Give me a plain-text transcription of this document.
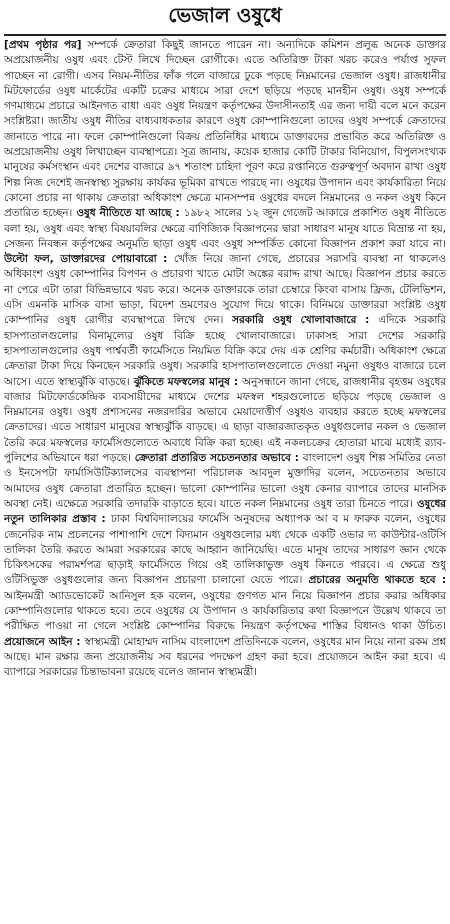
ভেজাল ওষুধে

[প্রথম পৃষ্ঠার পর] সম্পর্কে ক্রেতারা কিছুই জানতে পারেন না। অন্যদিকে কমিশন প্রলুব্ধ অনেক ডাক্তার অপ্রয়োজনীয় ওষুধ এবং টেস্ট লিখে দিচ্ছেন রোগীকে। এতে অতিরিক্ত টাকা খরচ করেও পর্যাপ্ত সুফল পাচ্ছেন না রোগী। এসব নিয়ম-নীতির ফাঁক গলে বাজারে ঢুকে পড়ছে নিম্নমানের ভেজাল ওষুধ। রাজধানীর মিটফোর্ডের ওষুধ মার্কেটের একটি চক্রের মাধ্যমে সারা দেশে ছড়িয়ে পড়ছে মানহীন ওষুধ। ওষুধ সম্পর্কে গণমাধ্যমে প্রচারে আইনগত বাধা এবং ওষুধ নিয়ন্ত্রণ কর্তৃপক্ষের উদাসীনতাই এর জন্য দায়ী বলে মনে করেন সংশ্লিষ্টরা। জাতীয় ওষুধ নীতির বাধ্যবাধকতার কারণে ওষুধ কোম্পানিগুলো তাদের ওষুধ সম্পর্কে ক্রেতাদের জানাতে পারে না। ফলে কোম্পানিগুলো বিক্রয় প্রতিনিধির মাধ্যমে ডাক্তারদের প্রভাবিত করে অতিরিক্ত ও অপ্রয়োজনীয় ওষুধ লিখাচ্ছেন ব্যবস্থাপত্রে। সূত্র জানায়, কয়েক হাজার কোটি টাকার বিনিয়োগ, বিপুলসংখ্যক মানুষের কর্মসংস্থান এবং দেশের বাজারে ৯৭ শতাংশ চাহিদা পূরণ করে রপ্তানিতে গুরুত্বপূর্ণ অবদান রাখা ওষুধ শিল্প নিজ দেশেই জনস্বাস্থ্য সুরক্ষায় কার্যকর ভূমিকা রাখতে পারছে না। ওষুধের উপাদান এবং কার্যকারিতা নিয়ে কোনো প্রচার না থাকায় ক্রেতারা অধিকাংশ ক্ষেত্রে মানসম্পন্ন ওষুধের বদলে নিম্নমানের ও নকল ওষুধ কিনে প্রতারিত হচ্ছেন। ওষুধ নীতিতে যা আছে : ১৯৮২ সালের ১২ জুন গেজেট আকারে প্রকাশিত ওষুধ নীতিতে বলা হয়, ওষুধ এবং স্বাস্থ্য বিষয়াবলির ক্ষেত্রে বাণিজ্যিক বিজ্ঞাপনের দ্বারা সাধারণ মানুষ যাতে বিভ্রান্ত না হয়, সেজন্য নিবন্ধন কর্তৃপক্ষের অনুমতি ছাড়া ওষুধ এবং ওষুধ সম্পর্কিত কোনো বিজ্ঞাপন প্রকাশ করা যাবে না। উল্টো ফল, ডাক্তারদের পোয়াবারো : খোঁজ নিয়ে জানা গেছে, প্রচারের সরাসরি ব্যবস্থা না থাকলেও অধিকাংশ ওষুধ কোম্পানির বিপণন ও প্রচারণা খাতে মোটা অঙ্কের বরাদ্দ রাখা আছে। বিজ্ঞাপন প্রচার করতে না পেরে এটা তারা বিভিন্নভাবে খরচ করে। অনেক ডাক্তারকে তারা চেম্বারে কিংবা বাসায় ফ্রিজ, টেলিভিশন, এসি এমনকি মাসিক বাসা ভাড়া, বিদেশ ভ্রমণেরও সুযোগ দিয়ে থাকে। বিনিময়ে ডাক্তাররা সংশ্লিষ্ট ওষুধ কোম্পানির ওষুধ রোগীর ব্যবস্থাপত্রে লিখে দেন। সরকারি ওষুধ খোলাবাজারে : এদিকে সরকারি হাসপাতালগুলোর বিনামূল্যের ওষুধ বিক্রি হচ্ছে খোলাবাজারে। ঢাকাসহ সারা দেশের সরকারি হাসপাতালগুলোর ওষুধ পার্শ্ববর্তী ফার্মেসিতে নিয়মিত বিক্রি করে দেয় এক শ্রেণির কর্মচারী। অধিকাংশ ক্ষেত্রে ক্রেতারা টাকা দিয়ে কিনছেন সরকারি ওষুধ। সরকারি হাসপাতালগুলোতে দেওয়া নমুনা ওষুধও বাজারে চলে আসে। এতে স্বাস্থ্যঝুঁকি বাড়ছে। ঝুঁকিতে মফস্বলের মানুষ : অনুসন্ধানে জানা গেছে, রাজধানীর বৃহত্তম ওষুধের বাজার মিটফোর্ডকেন্দ্রিক ব্যবসায়ীদের মাধ্যমে দেশের মফস্বল শহরগুলোতে ছড়িয়ে পড়ছে ভেজাল ও নিম্নমানের ওষুধ। ওষুধ প্রশাসনের নজরদারির অভাবে মেয়াদোত্তীর্ণ ওষুধও ব্যবহার করতে হচ্ছে মফস্বলের ক্রেতাদের। এতে সাধারণ মানুষের স্বাস্থ্যঝুঁকি বাড়ছে। এ ছাড়া বাজারজাতকৃত ওষুধগুলোর নকল ও ভেজাল তৈরি করে মফস্বলের ফার্মেসিগুলোতে অবাধে বিক্রি করা হচ্ছে। এই নকলচক্রের হোতারা মাঝে মধ্যেই র‌্যাব-পুলিশের অভিযানে ধরা পড়ছে। ক্রেতারা প্রতারিত সচেতনতার অভাবে : বাংলাদেশ ওষুধ শিল্প সমিতির নেতা ও ইনসেপটা ফার্মাসিউটিক্যালসের ব্যবস্থাপনা পরিচালক আবদুল মুক্তাদির বলেন, সচেতনতার অভাবে আমাদের ওষুধ ক্রেতারা প্রতারিত হচ্ছেন। ভালো কোম্পানির ভালো ওষুধ কেনার ব্যাপারে তাদের মানসিক অবস্থা নেই। এক্ষেত্রে সরকারি তদারকি বাড়াতে হবে। যাতে নকল নিম্নমানের ওষুধ তারা চিনতে পারে। ওষুধের নতুন তালিকার প্রস্তাব : ঢাকা বিশ্ববিদ্যালয়ের ফার্মেসি অনুষদের অধ্যাপক আ ব ম ফারুক বলেন, ওষুধের জেনেরিক নাম প্রচলনের পাশাপাশি দেশে বিদ্যমান ওষুধগুলোর মধ্য থেকে একটি ওভার দ্য কাউন্টার-ওটিসি তালিকা তৈরি করতে আমরা সরকারের কাছে আহ্বান জানিয়েছি। এতে মানুষ তাদের সাধারণ জ্ঞান থেকে চিকিৎসকের পরামর্শপত্র ছাড়াই ফার্মেসিতে গিয়ে ওই তালিকাভুক্ত ওষুধ কিনতে পারবে। এ ক্ষেত্রে শুধু ওটিসিভুক্ত ওষুধগুলোর জন্য বিজ্ঞাপন প্রচারণা চালানো যেতে পারে। প্রচারের অনুমতি থাকতে হবে : আইনমন্ত্রী অ্যাডভোকেট আনিসুল হক বলেন, ওষুধের গুণগত মান নিয়ে বিজ্ঞাপন প্রচার করার অধিকার কোম্পানিগুলোর থাকতে হবে। তবে ওষুধের যে উপাদান ও কার্যকারিতার কথা বিজ্ঞাপনে উল্লেখ থাকবে তা পরীক্ষিত পাওয়া না গেলে সংশ্লিষ্ট কোম্পানির বিরুদ্ধে নিয়ন্ত্রণ কর্তৃপক্ষের শাস্তির বিধানও থাকা উচিত। প্রয়োজনে আইন : স্বাস্থ্যমন্ত্রী মোহাম্মদ নাসিম বাংলাদেশ প্রতিদিনকে বলেন, ওষুধের মান নিয়ে নানা রকম প্রশ্ন আছে। মান রক্ষার জন্য প্রয়োজনীয় সব ধরনের পদক্ষেপ গ্রহণ করা হবে। প্রয়োজনে আইন করা হবে। এ ব্যাপারে সরকারের চিন্তাভাবনা রয়েছে বলেও জানান স্বাস্থ্যমন্ত্রী।
